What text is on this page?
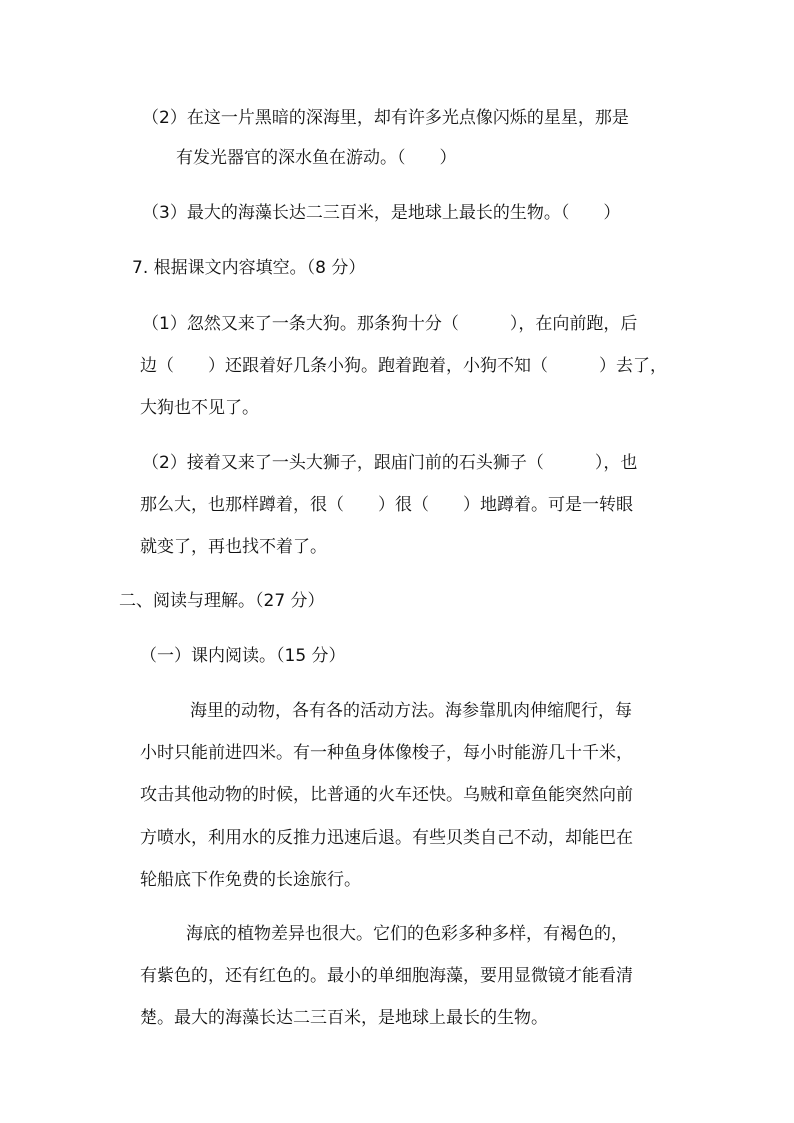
（2）在这一片黑暗的深海里，却有许多光点像闪烁的星星，那是
有发光器官的深水鱼在游动。（　　）
（3）最大的海藻长达二三百米，是地球上最长的生物。（　　）
7. 根据课文内容填空。（8 分）
（1）忽然又来了一条大狗。那条狗十分（　　　），在向前跑，后
边（　　）还跟着好几条小狗。跑着跑着，小狗不知（　　　）去了，
大狗也不见了。
（2）接着又来了一头大狮子，跟庙门前的石头狮子（　　　），也
那么大，也那样蹲着，很（　　）很（　　）地蹲着。可是一转眼
就变了，再也找不着了。
二、阅读与理解。（27 分）
（一）课内阅读。（15 分）
海里的动物，各有各的活动方法。海参靠肌肉伸缩爬行，每
小时只能前进四米。有一种鱼身体像梭子，每小时能游几十千米，
攻击其他动物的时候，比普通的火车还快。乌贼和章鱼能突然向前
方喷水，利用水的反推力迅速后退。有些贝类自己不动，却能巴在
轮船底下作免费的长途旅行。
海底的植物差异也很大。它们的色彩多种多样，有褐色的，
有紫色的，还有红色的。最小的单细胞海藻，要用显微镜才能看清
楚。最大的海藻长达二三百米，是地球上最长的生物。
